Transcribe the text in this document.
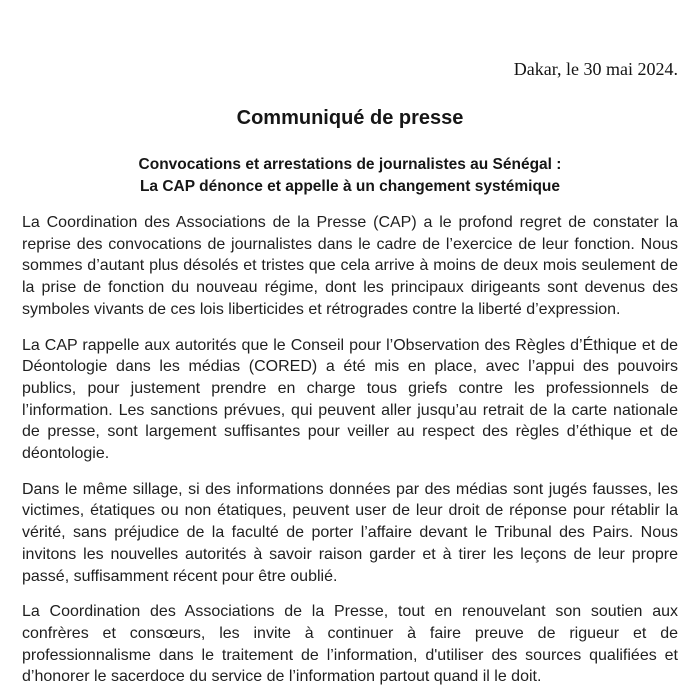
Dakar, le 30 mai 2024.
Communiqué de presse
Convocations et arrestations de journalistes au Sénégal :
La CAP dénonce et appelle à un changement systémique

La Coordination des Associations de la Presse (CAP) a le profond regret de constater la reprise des convocations de journalistes dans le cadre de l’exercice de leur fonction. Nous sommes d’autant plus désolés et tristes que cela arrive à moins de deux mois seulement de la prise de fonction du nouveau régime, dont les principaux dirigeants sont devenus des symboles vivants de ces lois liberticides et rétrogrades contre la liberté d’expression.

La CAP rappelle aux autorités que le Conseil pour l’Observation des Règles d’Éthique et de Déontologie dans les médias (CORED) a été mis en place, avec l’appui des pouvoirs publics, pour justement prendre en charge tous griefs contre les professionnels de l’information. Les sanctions prévues, qui peuvent aller jusqu’au retrait de la carte nationale de presse, sont largement suffisantes pour veiller au respect des règles d’éthique et de déontologie.

Dans le même sillage, si des informations données par des médias sont jugés fausses, les victimes, étatiques ou non étatiques, peuvent user de leur droit de réponse pour rétablir la vérité, sans préjudice de la faculté de porter l’affaire devant le Tribunal des Pairs. Nous invitons les nouvelles autorités à savoir raison garder et à tirer les leçons de leur propre passé, suffisamment récent pour être oublié.

La Coordination des Associations de la Presse, tout en renouvelant son soutien aux confrères et consœurs, les invite à continuer à faire preuve de rigueur et de professionnalisme dans le traitement de l’information, d'utiliser des sources qualifiées et d’honorer le sacerdoce du service de l’information partout quand il le doit.
